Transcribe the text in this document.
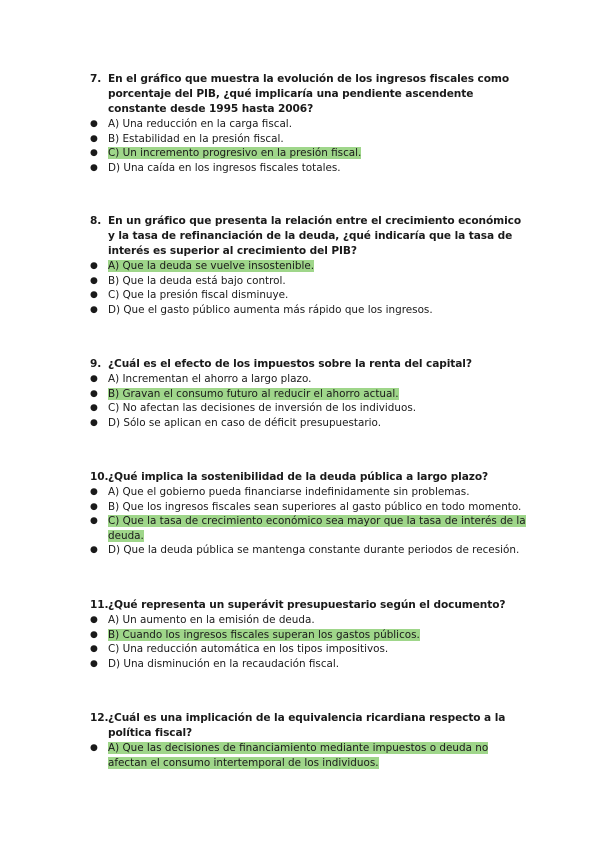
7. En el gráfico que muestra la evolución de los ingresos fiscales como porcentaje del PIB, ¿qué implicaría una pendiente ascendente constante desde 1995 hasta 2006?
● A) Una reducción en la carga fiscal.
● B) Estabilidad en la presión fiscal.
● C) Un incremento progresivo en la presión fiscal.
● D) Una caída en los ingresos fiscales totales.
8. En un gráfico que presenta la relación entre el crecimiento económico y la tasa de refinanciación de la deuda, ¿qué indicaría que la tasa de interés es superior al crecimiento del PIB?
● A) Que la deuda se vuelve insostenible.
● B) Que la deuda está bajo control.
● C) Que la presión fiscal disminuye.
● D) Que el gasto público aumenta más rápido que los ingresos.
9. ¿Cuál es el efecto de los impuestos sobre la renta del capital?
● A) Incrementan el ahorro a largo plazo.
● B) Gravan el consumo futuro al reducir el ahorro actual.
● C) No afectan las decisiones de inversión de los individuos.
● D) Sólo se aplican en caso de déficit presupuestario.
10. ¿Qué implica la sostenibilidad de la deuda pública a largo plazo?
● A) Que el gobierno pueda financiarse indefinidamente sin problemas.
● B) Que los ingresos fiscales sean superiores al gasto público en todo momento.
● C) Que la tasa de crecimiento económico sea mayor que la tasa de interés de la deuda.
● D) Que la deuda pública se mantenga constante durante periodos de recesión.
11. ¿Qué representa un superávit presupuestario según el documento?
● A) Un aumento en la emisión de deuda.
● B) Cuando los ingresos fiscales superan los gastos públicos.
● C) Una reducción automática en los tipos impositivos.
● D) Una disminución en la recaudación fiscal.
12. ¿Cuál es una implicación de la equivalencia ricardiana respecto a la política fiscal?
● A) Que las decisiones de financiamiento mediante impuestos o deuda no afectan el consumo intertemporal de los individuos.
